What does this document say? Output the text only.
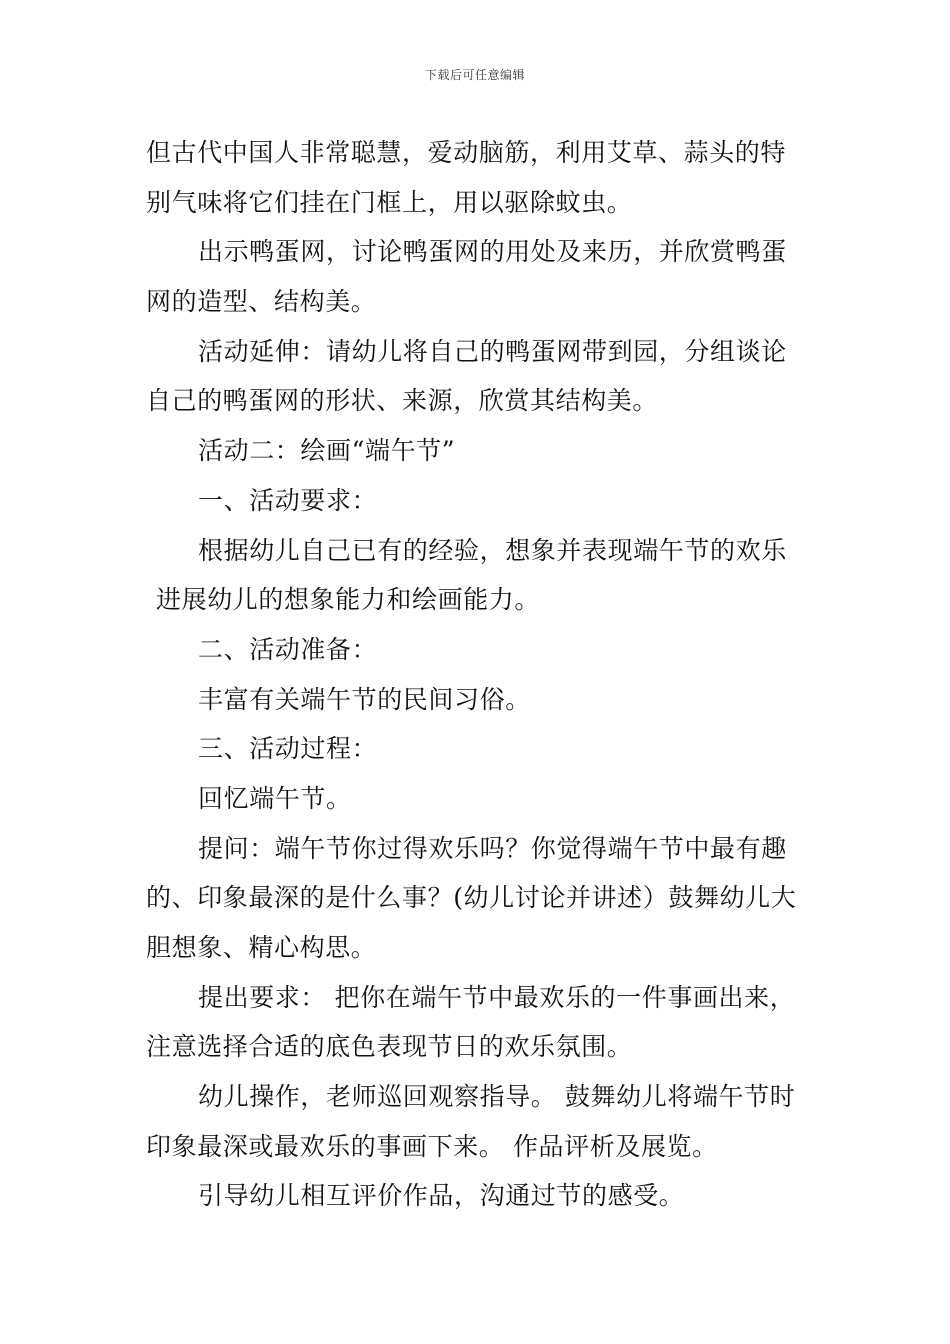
下载后可任意编辑
但古代中国人非常聪慧，爱动脑筋，利用艾草、蒜头的特
别气味将它们挂在门框上，用以驱除蚊虫。
出示鸭蛋网，讨论鸭蛋网的用处及来历，并欣赏鸭蛋
网的造型、结构美。
活动延伸：请幼儿将自己的鸭蛋网带到园，分组谈论
自己的鸭蛋网的形状、来源，欣赏其结构美。
活动二：绘画“端午节”
一、活动要求：
根据幼儿自己已有的经验，想象并表现端午节的欢乐
进展幼儿的想象能力和绘画能力。
二、活动准备：
丰富有关端午节的民间习俗。
三、活动过程：
回忆端午节。
提问：端午节你过得欢乐吗？你觉得端午节中最有趣
的、印象最深的是什么事？(幼儿讨论并讲述）鼓舞幼儿大
胆想象、精心构思。
提出要求： 把你在端午节中最欢乐的一件事画出来，
注意选择合适的底色表现节日的欢乐氛围。
幼儿操作，老师巡回观察指导。 鼓舞幼儿将端午节时
印象最深或最欢乐的事画下来。 作品评析及展览。
引导幼儿相互评价作品，沟通过节的感受。
